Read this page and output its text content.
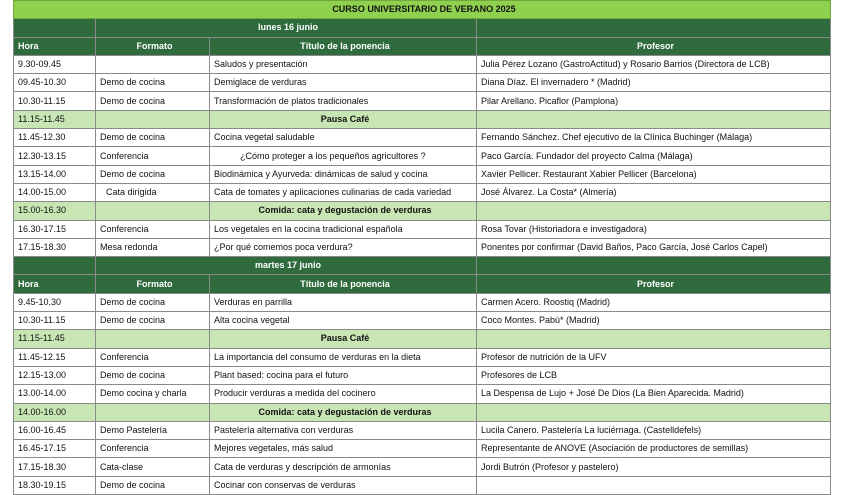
CURSO UNIVERSITARIO DE VERANO 2025			
	lunes 16 junio		
Hora	Formato	Título de la ponencia	Profesor
9.30-09.45		Saludos y presentación	Julia Pérez Lozano (GastroActitud) y Rosario Barrios (Directora de LCB)
09.45-10.30	Demo de cocina	Demiglace de verduras	Diana Díaz. El invernadero * (Madrid)
10.30-11.15	Demo de cocina	Transformación de platos tradicionales	Pilar Arellano. Picaflor (Pamplona)
11.15-11.45		Pausa Café	
11.45-12.30	Demo de cocina	Cocina vegetal saludable	Fernando Sánchez. Chef ejecutivo de la Clínica Buchinger (Málaga)
12.30-13.15	Conferencia	¿Cómo proteger a los pequeños agricultores ?	Paco García. Fundador del proyecto Calma (Málaga)
13.15-14.00	Demo de cocina	Biodinámica y Ayurveda: dinámicas de salud y cocina	Xavier Pellicer. Restaurant Xabier Pellicer (Barcelona)
14.00-15.00	Cata dirigida	Cata de tomates y aplicaciones culinarias de cada variedad	José Álvarez. La Costa* (Almería)
15.00-16.30		Comida: cata y degustación de verduras	
16.30-17.15	Conferencia	Los vegetales en la cocina tradicional española	Rosa Tovar (Historiadora e investigadora)
17.15-18.30	Mesa redonda	¿Por qué comemos poca verdura?	Ponentes por confirmar (David Baños, Paco García, José Carlos Capel)
	martes 17 junio		
Hora	Formato	Título de la ponencia	Profesor
9.45-10.30	Demo de cocina	Verduras en parrilla	Carmen Acero. Roostiq (Madrid)
10.30-11.15	Demo de cocina	Alta cocina vegetal	Coco Montes. Pabú* (Madrid)
11.15-11.45		Pausa Café	
11.45-12.15	Conferencia	La importancia del consumo de verduras en la dieta	Profesor de nutrición de la UFV
12.15-13.00	Demo de cocina	Plant based: cocina para el futuro	Profesores de LCB
13.00-14.00	Demo cocina y charla	Producir verduras a medida del cocinero	La Despensa de Lujo + José De Dios (La Bien Aparecida. Madrid)
14.00-16.00		Comida: cata y degustación de verduras	
16.00-16.45	Demo Pastelería	Pastelería alternativa con verduras	Lucila Canero. Pastelería La luciérnaga. (Castelldefels)
16.45-17.15	Conferencia	Mejores vegetales, más salud	Representante de ANOVE (Asociación de productores de semillas)
17.15-18.30	Cata-clase	Cata de verduras y descripción de armonías	Jordi Butrón (Profesor y pastelero)
18.30-19.15	Demo de cocina	Cocinar con conservas de verduras	
